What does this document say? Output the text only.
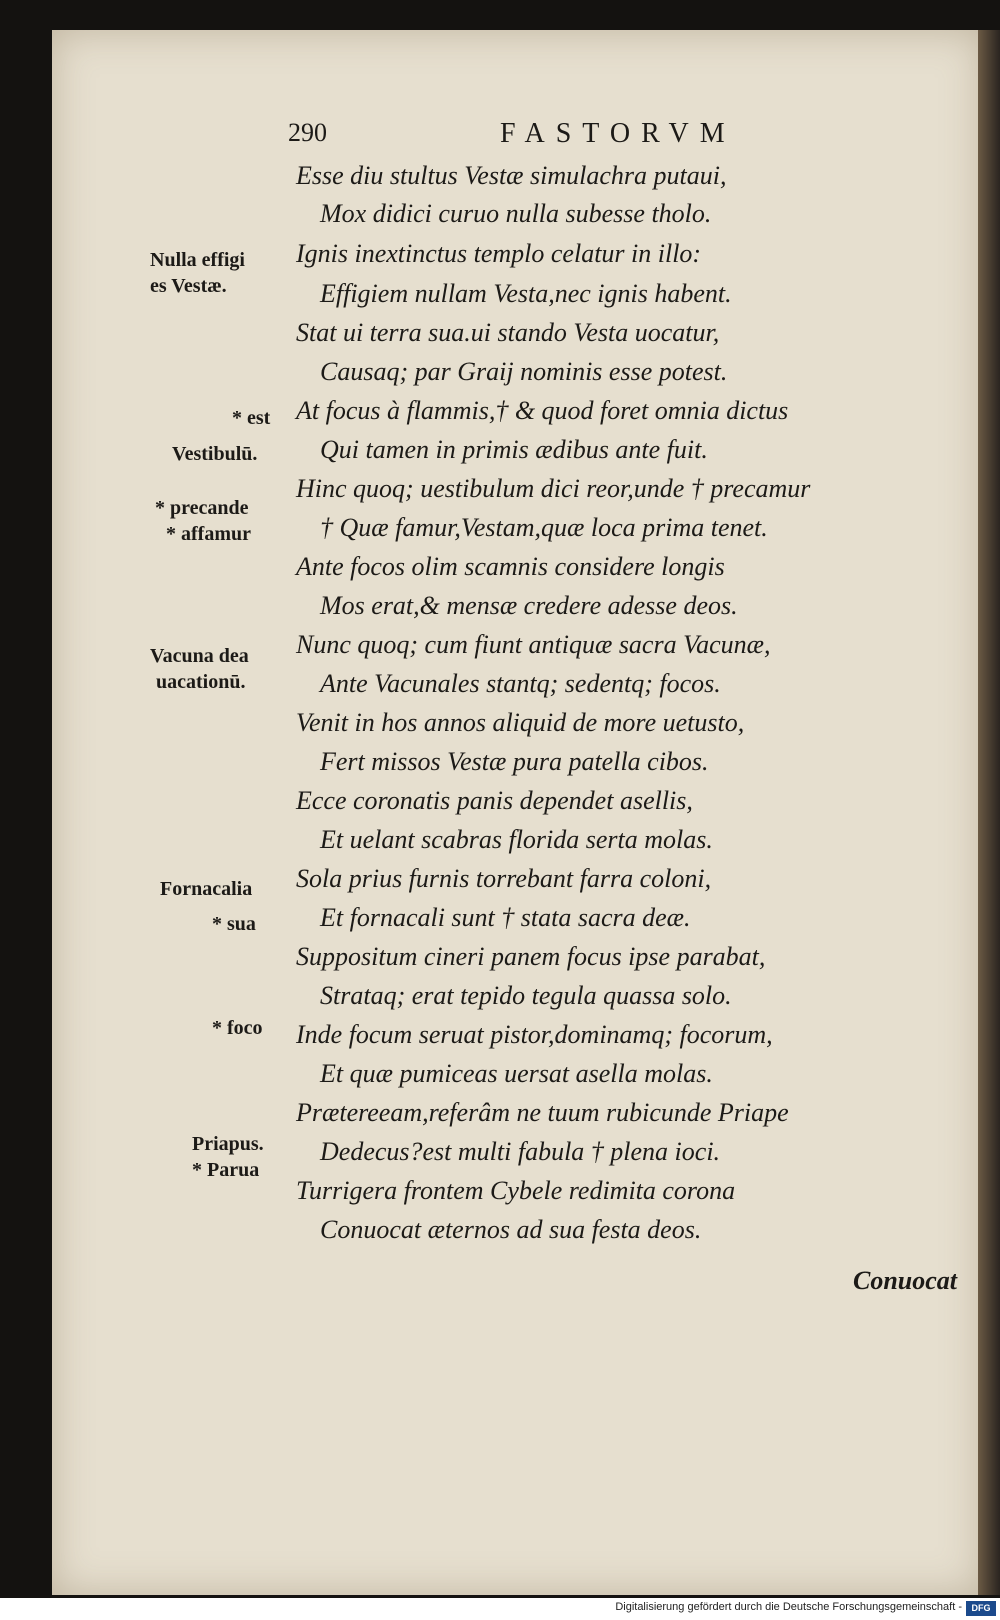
290	FASTORVM
Esse diu stultus Vestæ simulachra putaui,
Mox didici curuo nulla subesse tholo.
Ignis inextinctus templo celatur in illo:
Effigiem nullam Vesta,nec ignis habent.
Stat ui terra sua.ui stando Vesta uocatur,
Causaq; par Graij nominis esse potest.
At focus à flammis,† & quod foret omnia dictus
Qui tamen in primis ædibus ante fuit.
Hinc quoq; uestibulum dici reor,unde † precamur
† Quæ famur,Vestam,quæ loca prima tenet.
Ante focos olim scamnis considere longis
Mos erat,& mensæ credere adesse deos.
Nunc quoq; cum fiunt antiquæ sacra Vacunæ,
Ante Vacunales stantq; sedentq; focos.
Venit in hos annos aliquid de more uetusto,
Fert missos Vestæ pura patella cibos.
Ecce coronatis panis dependet asellis,
Et uelant scabras florida serta molas.
Sola prius furnis torrebant farra coloni,
Et fornacali sunt † stata sacra deæ.
Suppositum cineri panem focus ipse parabat,
Strataq; erat tepido tegula quassa solo.
Inde focum seruat pistor,dominamq; focorum,
Et quæ pumiceas uersat asella molas.
Prætereeam,referâm ne tuum rubicunde Priape
Dedecus?est multi fabula † plena ioci.
Turrigera frontem Cybele redimita corona
Conuocat æternos ad sua festa deos.
Nulla effigi
es Vestæ.
* est
Vestibulū.
* precande
* affamur
Vacuna dea
uacationū.
Fornacalia
* sua
* foco
Priapus.
* Parua
Conuocat
Digitalisierung gefördert durch die Deutsche Forschungsgemeinschaft -	DFG
